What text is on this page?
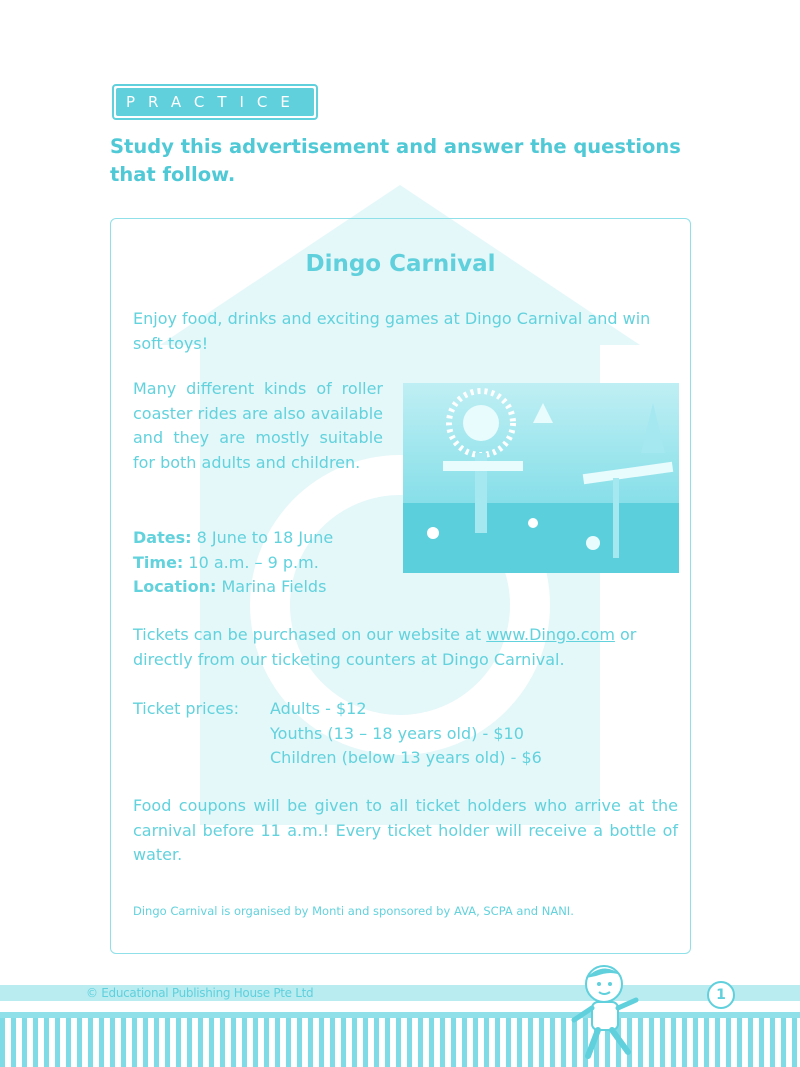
PRACTICE 1
Study this advertisement and answer the questions that follow.
Dingo Carnival
Enjoy food, drinks and exciting games at Dingo Carnival and win soft toys!
Many different kinds of roller coaster rides are also available and they are mostly suitable for both adults and children.
Dates: 8 June to 18 June
Time: 10 a.m. – 9 p.m.
Location: Marina Fields
Tickets can be purchased on our website at www.Dingo.com or directly from our ticketing counters at Dingo Carnival.
Ticket prices:	Adults - $12
Youths (13 – 18 years old) - $10
Children (below 13 years old) - $6
Food coupons will be given to all ticket holders who arrive at the carnival before 11 a.m.! Every ticket holder will receive a bottle of water.
Dingo Carnival is organised by Monti and sponsored by AVA, SCPA and NANI.
© Educational Publishing House Pte Ltd	1
